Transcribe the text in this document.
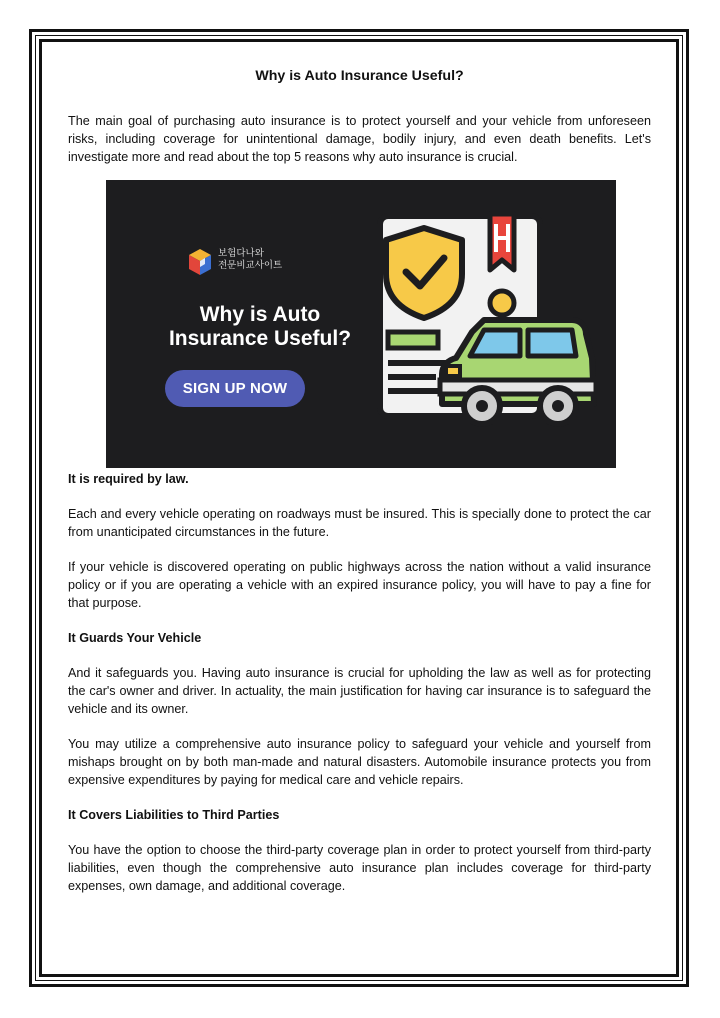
Why is Auto Insurance Useful?

The main goal of purchasing auto insurance is to protect yourself and your vehicle from unforeseen risks, including coverage for unintentional damage, bodily injury, and even death benefits. Let's investigate more and read about the top 5 reasons why auto insurance is crucial.

It is required by law.

Each and every vehicle operating on roadways must be insured. This is specially done to protect the car from unanticipated circumstances in the future.

If your vehicle is discovered operating on public highways across the nation without a valid insurance policy or if you are operating a vehicle with an expired insurance policy, you will have to pay a fine for that purpose.

It Guards Your Vehicle

And it safeguards you. Having auto insurance is crucial for upholding the law as well as for protecting the car's owner and driver. In actuality, the main justification for having car insurance is to safeguard the vehicle and its owner.

You may utilize a comprehensive auto insurance policy to safeguard your vehicle and yourself from mishaps brought on by both man-made and natural disasters. Automobile insurance protects you from expensive expenditures by paying for medical care and vehicle repairs.

It Covers Liabilities to Third Parties

You have the option to choose the third-party coverage plan in order to protect yourself from third-party liabilities, even though the comprehensive auto insurance plan includes coverage for third-party expenses, own damage, and additional coverage.

보험다나와
전문비교사이트
Why is Auto
Insurance Useful?
SIGN UP NOW
